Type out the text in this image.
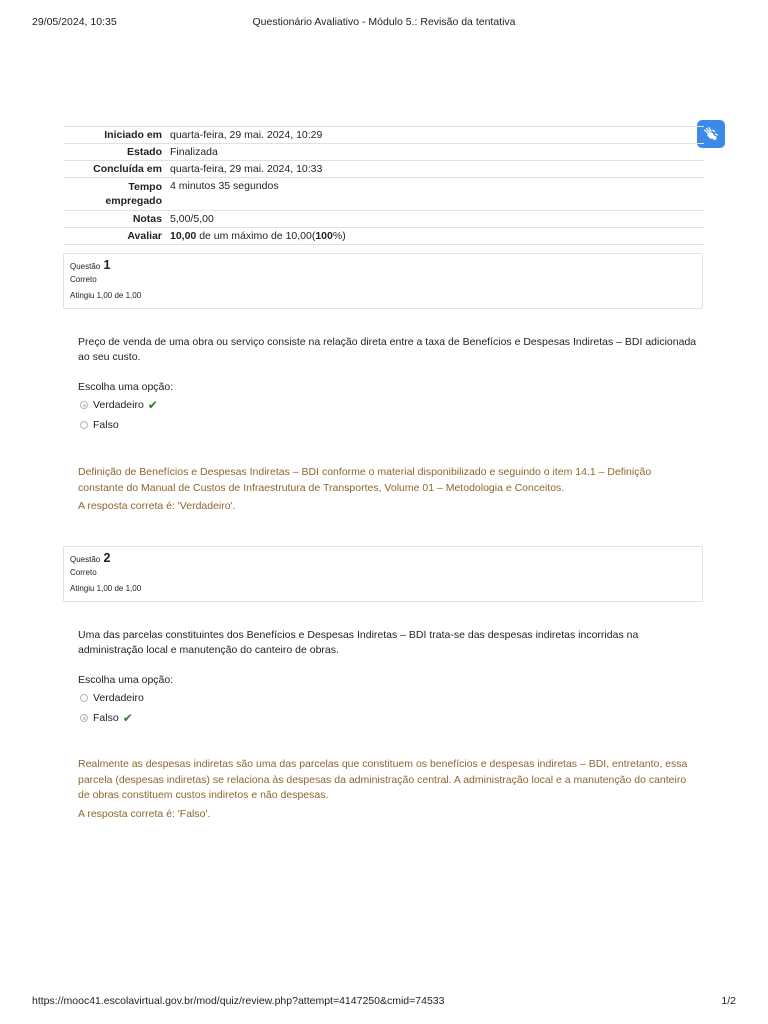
29/05/2024, 10:35	Questionário Avaliativo - Módulo 5.: Revisão da tentativa
Iniciado em	quarta-feira, 29 mai. 2024, 10:29
Estado	Finalizada
Concluída em	quarta-feira, 29 mai. 2024, 10:33
Tempo
empregado	4 minutos 35 segundos
Notas	5,00/5,00
Avaliar	10,00 de um máximo de 10,00(100%)
Questão 1
Correto
Atingiu 1,00 de 1,00
Preço de venda de uma obra ou serviço consiste na relação direta entre a taxa de Benefícios e Despesas Indiretas – BDI adicionada ao seu custo.
Escolha uma opção:
Verdadeiro ✔
Falso
Definição de Benefícios e Despesas Indiretas – BDI conforme o material disponibilizado e seguindo o item 14.1 – Definição constante do Manual de Custos de Infraestrutura de Transportes, Volume 01 – Metodologia e Conceitos.
A resposta correta é: 'Verdadeiro'.
Questão 2
Correto
Atingiu 1,00 de 1,00
Uma das parcelas constituintes dos Benefícios e Despesas Indiretas – BDI trata-se das despesas indiretas incorridas na administração local e manutenção do canteiro de obras.
Escolha uma opção:
Verdadeiro
Falso ✔
Realmente as despesas indiretas são uma das parcelas que constituem os benefícios e despesas indiretas – BDI, entretanto, essa parcela (despesas indiretas) se relaciona às despesas da administração central. A administração local e a manutenção do canteiro de obras constituem custos indiretos e não despesas.
A resposta correta é: 'Falso'.
https://mooc41.escolavirtual.gov.br/mod/quiz/review.php?attempt=4147250&cmid=74533	1/2
